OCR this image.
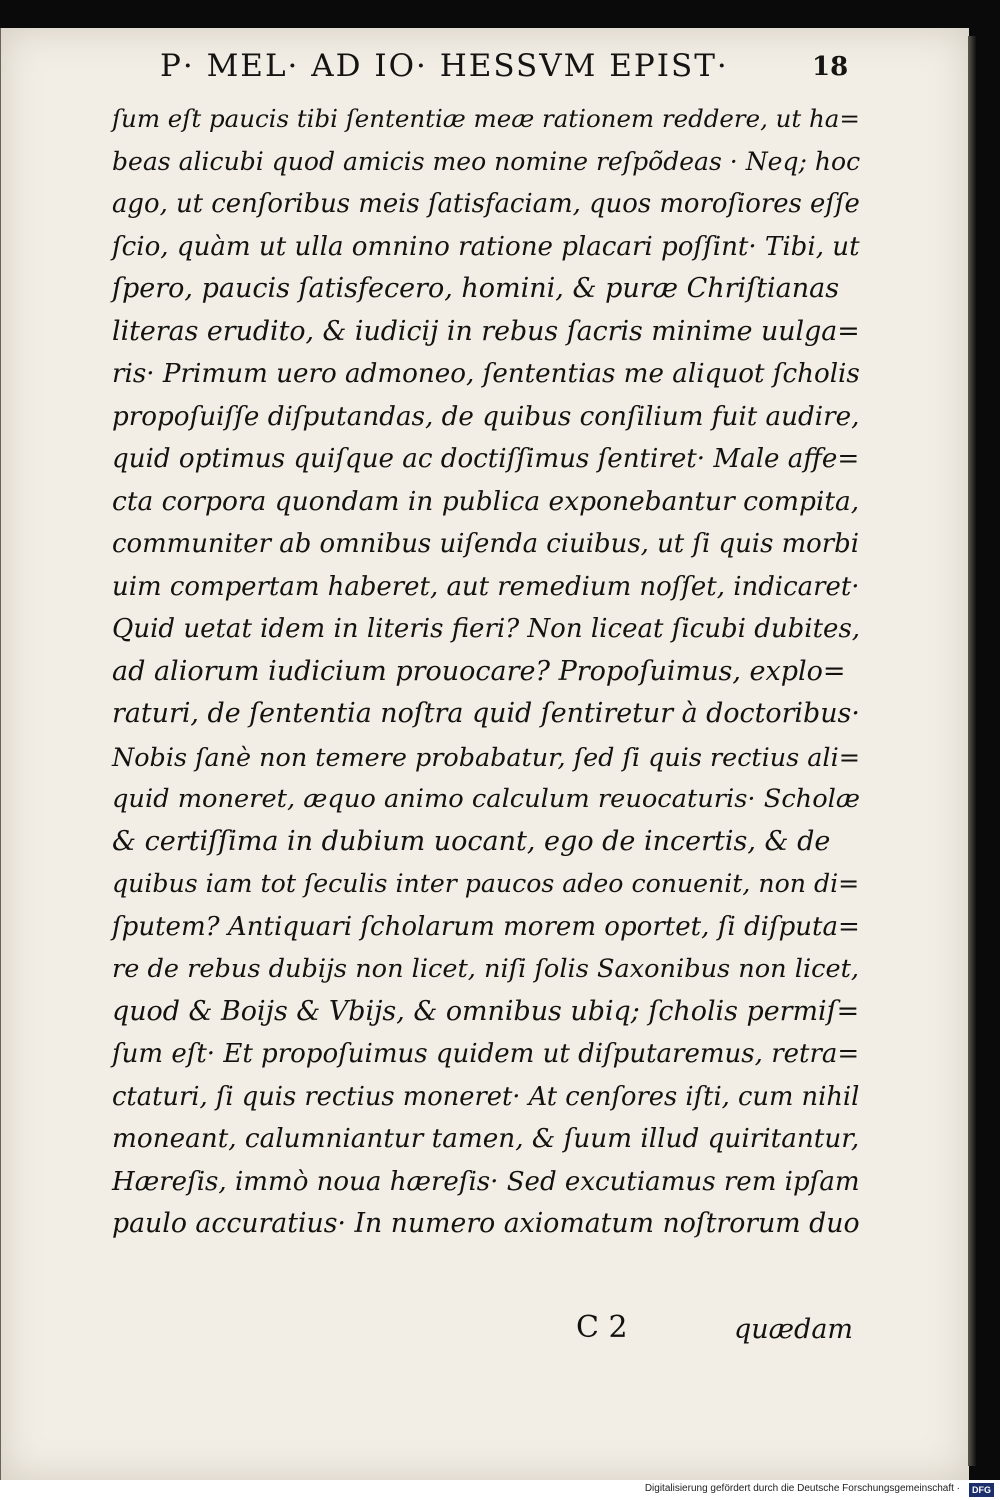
P· MEL· AD IO· HESSVM EPIST·	18
ſum eſt paucis tibi ſententiæ meæ rationem reddere, ut ha=
beas alicubi quod amicis meo nomine reſpõdeas · Neq; hoc
ago, ut cenſoribus meis ſatisfaciam, quos moroſiores eſſe
ſcio, quàm ut ulla omnino ratione placari poſſint· Tibi, ut
ſpero, paucis ſatisfecero, homini, & puræ Chriſtianas
literas erudito, & iudicij in rebus ſacris minime uulga=
ris· Primum uero admoneo, ſententias me aliquot ſcholis
propoſuiſſe diſputandas, de quibus conſilium fuit audire,
quid optimus quiſque ac doctiſſimus ſentiret· Male affe=
cta corpora quondam in publica exponebantur compita,
communiter ab omnibus uiſenda ciuibus, ut ſi quis morbi
uim compertam haberet, aut remedium noſſet, indicaret·
Quid uetat idem in literis fieri? Non liceat ſicubi dubites,
ad aliorum iudicium prouocare? Propoſuimus, explo=
raturi, de ſententia noſtra quid ſentiretur à doctoribus·
Nobis ſanè non temere probabatur, ſed ſi quis rectius ali=
quid moneret, æquo animo calculum reuocaturis· Scholæ
& certiſſima in dubium uocant, ego de incertis, & de
quibus iam tot ſeculis inter paucos adeo conuenit, non di=
ſputem? Antiquari ſcholarum morem oportet, ſi diſputa=
re de rebus dubijs non licet, niſi ſolis Saxonibus non licet,
quod & Boijs & Vbijs, & omnibus ubiq; ſcholis permiſ=
ſum eſt· Et propoſuimus quidem ut diſputaremus, retra=
ctaturi, ſi quis rectius moneret· At cenſores iſti, cum nihil
moneant, calumniantur tamen, & ſuum illud quiritantur,
Hæreſis, immò noua hæreſis· Sed excutiamus rem ipſam
paulo accuratius· In numero axiomatum noſtrorum duo
C 2	quædam
Digitalisierung gefördert durch die Deutsche Forschungsgemeinschaft ·	DFG
